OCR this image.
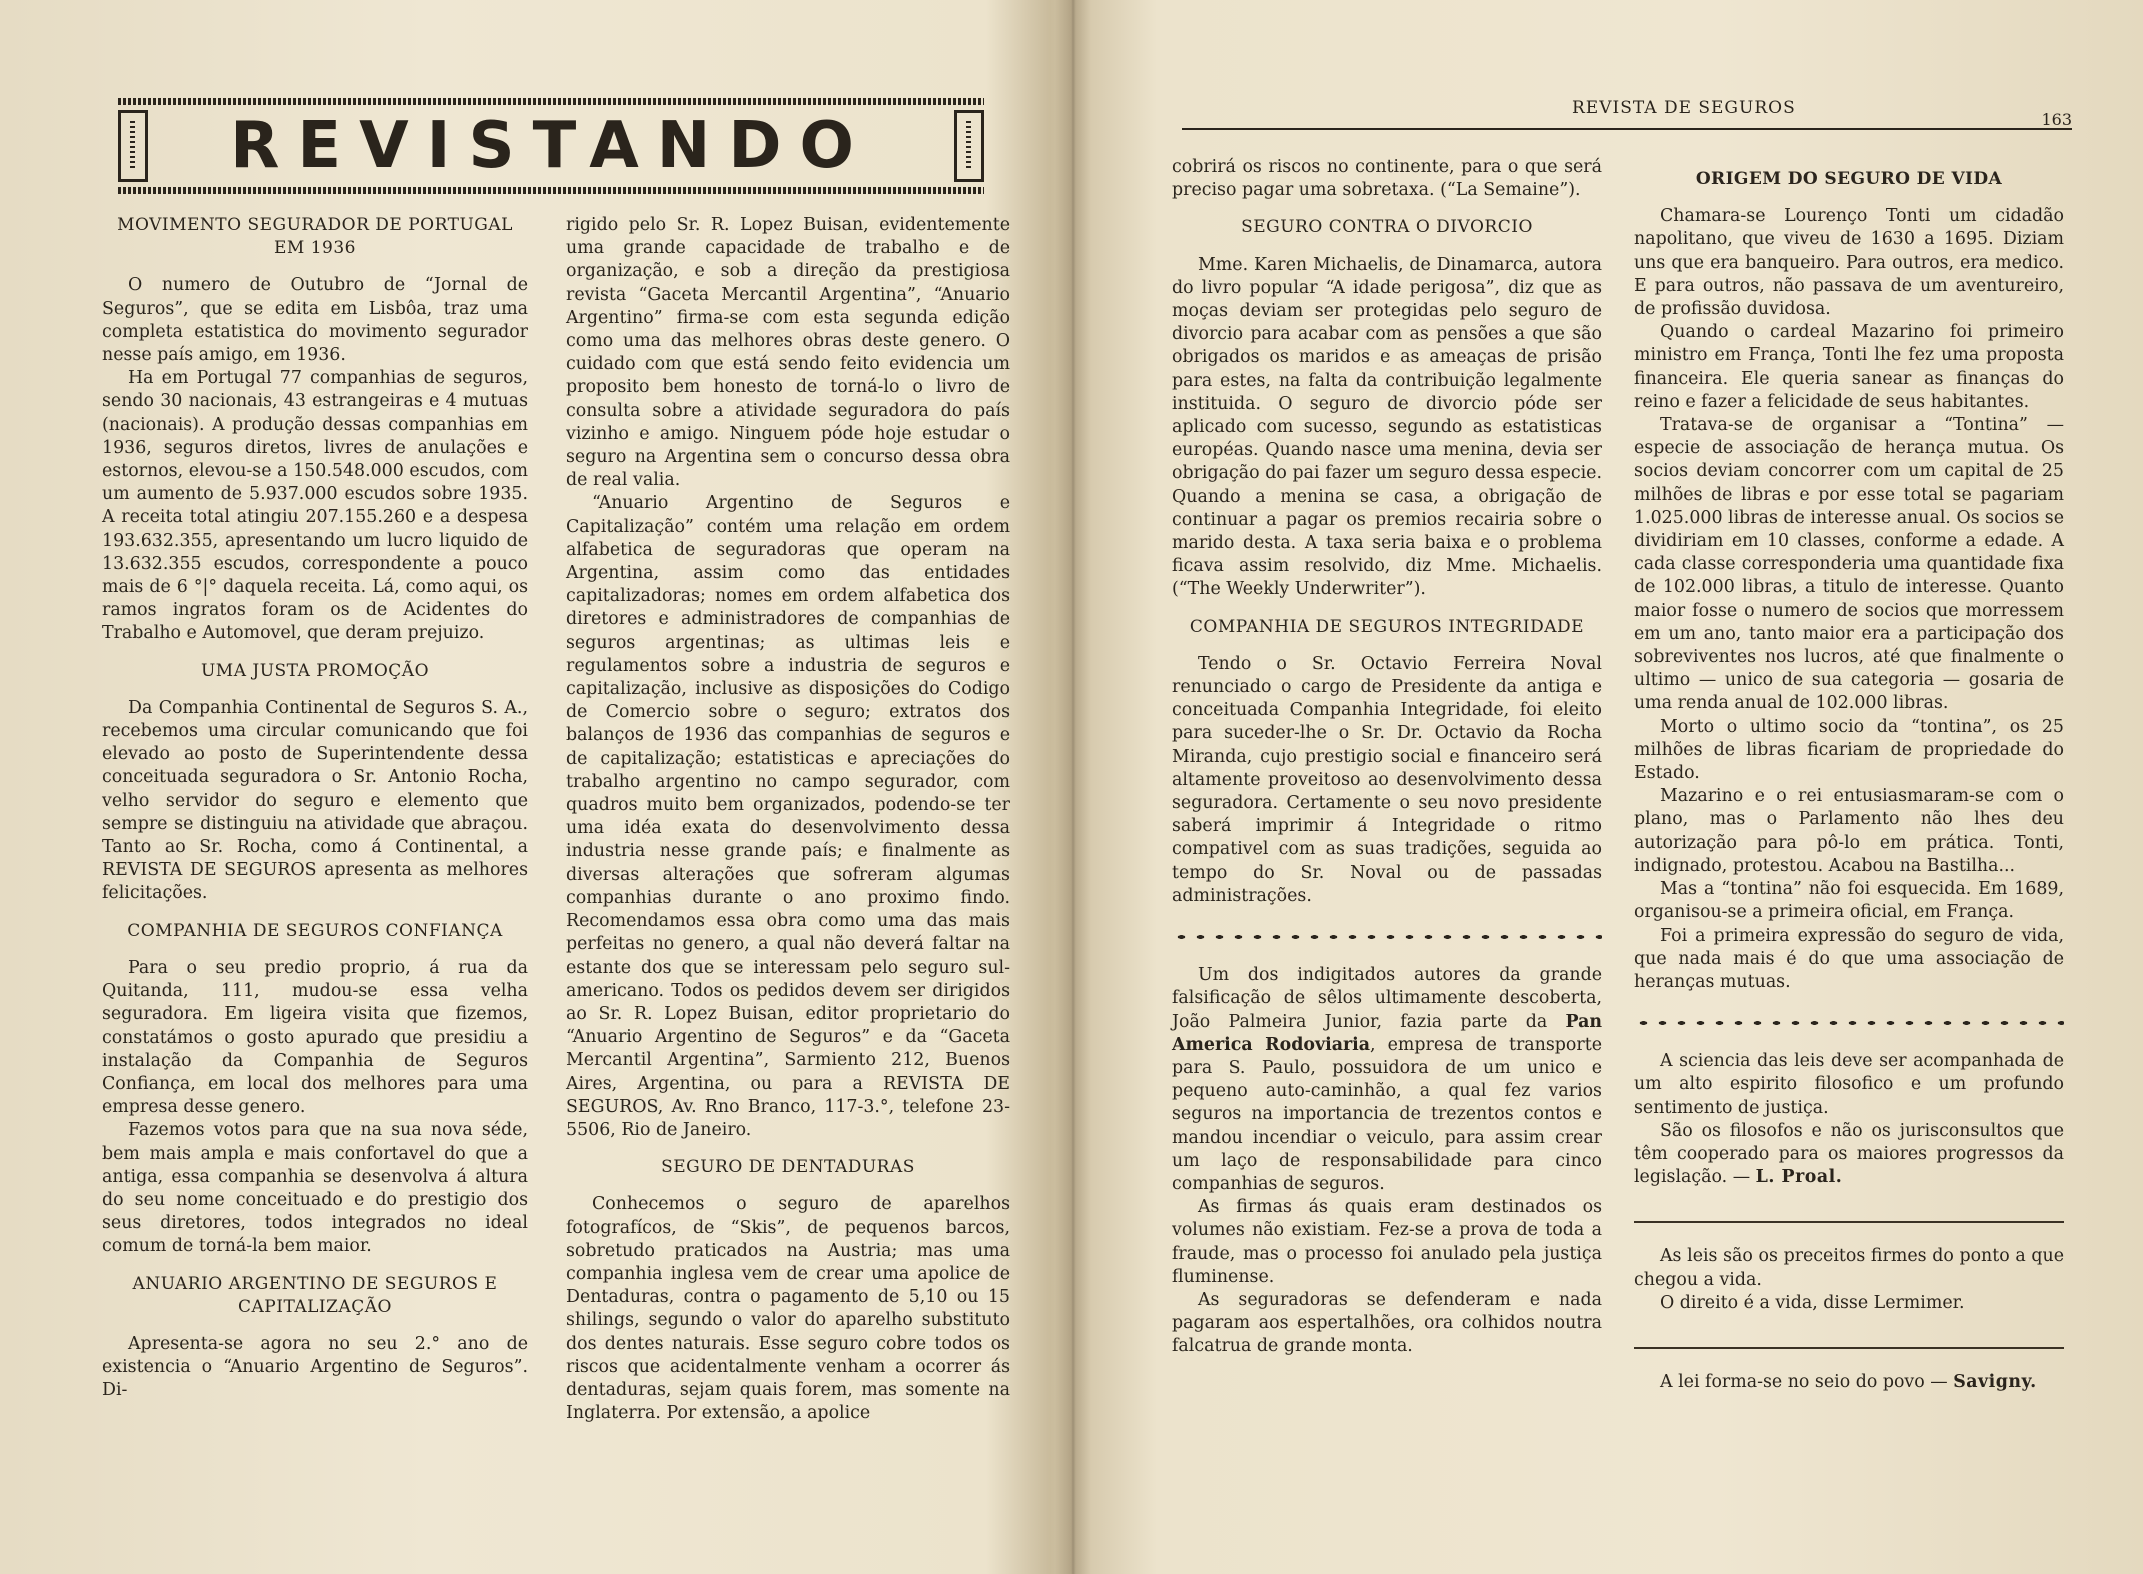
REVISTANDO
MOVIMENTO SEGURADOR DE PORTUGAL EM 1936

O numero de Outubro de “Jornal de Seguros”, que se edita em Lisbôa, traz uma completa estatistica do movimento segurador nesse país amigo, em 1936.

Ha em Portugal 77 companhias de seguros, sendo 30 nacionais, 43 estrangeiras e 4 mutuas (nacionais). A produção dessas companhias em 1936, seguros diretos, livres de anulações e estornos, elevou-se a 150.548.000 escudos, com um aumento de 5.937.000 escudos sobre 1935. A receita total atingiu 207.155.260 e a despesa 193.632.355, apresentando um lucro liquido de 13.632.355 escudos, correspondente a pouco mais de 6 °|° daquela receita. Lá, como aqui, os ramos ingratos foram os de Acidentes do Trabalho e Automovel, que deram prejuizo.

UMA JUSTA PROMOÇÃO

Da Companhia Continental de Seguros S. A., recebemos uma circular comunicando que foi elevado ao posto de Superintendente dessa conceituada seguradora o Sr. Antonio Rocha, velho servidor do seguro e elemento que sempre se distinguiu na atividade que abraçou. Tanto ao Sr. Rocha, como á Continental, a REVISTA DE SEGUROS apresenta as melhores felicitações.

COMPANHIA DE SEGUROS CONFIANÇA

Para o seu predio proprio, á rua da Quitanda, 111, mudou-se essa velha seguradora. Em ligeira visita que fizemos, constatámos o gosto apurado que presidiu a instalação da Companhia de Seguros Confiança, em local dos melhores para uma empresa desse genero.

Fazemos votos para que na sua nova séde, bem mais ampla e mais confortavel do que a antiga, essa companhia se desenvolva á altura do seu nome conceituado e do prestigio dos seus diretores, todos integrados no ideal comum de torná-la bem maior.

ANUARIO ARGENTINO DE SEGUROS E CAPITALIZAÇÃO

Apresenta-se agora no seu 2.° ano de existencia o “Anuario Argentino de Seguros”. Di-

rigido pelo Sr. R. Lopez Buisan, evidentemente uma grande capacidade de trabalho e de organização, e sob a direção da prestigiosa revista “Gaceta Mercantil Argentina”, “Anuario Argentino” firma-se com esta segunda edição como uma das melhores obras deste genero. O cuidado com que está sendo feito evidencia um proposito bem honesto de torná-lo o livro de consulta sobre a atividade seguradora do país vizinho e amigo. Ninguem póde hoje estudar o seguro na Argentina sem o concurso dessa obra de real valia.

“Anuario Argentino de Seguros e Capitalização” contém uma relação em ordem alfabetica de seguradoras que operam na Argentina, assim como das entidades capitalizadoras; nomes em ordem alfabetica dos diretores e administradores de companhias de seguros argentinas; as ultimas leis e regulamentos sobre a industria de seguros e capitalização, inclusive as disposições do Codigo de Comercio sobre o seguro; extratos dos balanços de 1936 das companhias de seguros e de capitalização; estatisticas e apreciações do trabalho argentino no campo segurador, com quadros muito bem organizados, podendo-se ter uma idéa exata do desenvolvimento dessa industria nesse grande país; e finalmente as diversas alterações que sofreram algumas companhias durante o ano proximo findo. Recomendamos essa obra como uma das mais perfeitas no genero, a qual não deverá faltar na estante dos que se interessam pelo seguro sul-americano. Todos os pedidos devem ser dirigidos ao Sr. R. Lopez Buisan, editor proprietario do “Anuario Argentino de Seguros” e da “Gaceta Mercantil Argentina”, Sarmiento 212, Buenos Aires, Argentina, ou para a REVISTA DE SEGUROS, Av. Rno Branco, 117-3.°, telefone 23-5506, Rio de Janeiro.

SEGURO DE DENTADURAS

Conhecemos o seguro de aparelhos fotografícos, de “Skis”, de pequenos barcos, sobretudo praticados na Austria; mas uma companhia inglesa vem de crear uma apolice de Dentaduras, contra o pagamento de 5,10 ou 15 shilings, segundo o valor do aparelho substituto dos dentes naturais. Esse seguro cobre todos os riscos que acidentalmente venham a ocorrer ás dentaduras, sejam quais forem, mas somente na Inglaterra. Por extensão, a apolice

REVISTA DE SEGUROS
163

cobrirá os riscos no continente, para o que será preciso pagar uma sobretaxa. (“La Semaine”).

SEGURO CONTRA O DIVORCIO

Mme. Karen Michaelis, de Dinamarca, autora do livro popular “A idade perigosa”, diz que as moças deviam ser protegidas pelo seguro de divorcio para acabar com as pensões a que são obrigados os maridos e as ameaças de prisão para estes, na falta da contribuição legalmente instituida. O seguro de divorcio póde ser aplicado com sucesso, segundo as estatisticas européas. Quando nasce uma menina, devia ser obrigação do pai fazer um seguro dessa especie. Quando a menina se casa, a obrigação de continuar a pagar os premios recairia sobre o marido desta. A taxa seria baixa e o problema ficava assim resolvido, diz Mme. Michaelis. (“The Weekly Underwriter”).

COMPANHIA DE SEGUROS INTEGRIDADE

Tendo o Sr. Octavio Ferreira Noval renunciado o cargo de Presidente da antiga e conceituada Companhia Integridade, foi eleito para suceder-lhe o Sr. Dr. Octavio da Rocha Miranda, cujo prestigio social e financeiro será altamente proveitoso ao desenvolvimento dessa seguradora. Certamente o seu novo presidente saberá imprimir á Integridade o ritmo compativel com as suas tradições, seguida ao tempo do Sr. Noval ou de passadas administrações.

Um dos indigitados autores da grande falsificação de sêlos ultimamente descoberta, João Palmeira Junior, fazia parte da Pan America Rodoviaria, empresa de transporte para S. Paulo, possuidora de um unico e pequeno auto-caminhão, a qual fez varios seguros na importancia de trezentos contos e mandou incendiar o veiculo, para assim crear um laço de responsabilidade para cinco companhias de seguros.

As firmas ás quais eram destinados os volumes não existiam. Fez-se a prova de toda a fraude, mas o processo foi anulado pela justiça fluminense.

As seguradoras se defenderam e nada pagaram aos espertalhões, ora colhidos noutra falcatrua de grande monta.

ORIGEM DO SEGURO DE VIDA

Chamara-se Lourenço Tonti um cidadão napolitano, que viveu de 1630 a 1695. Diziam uns que era banqueiro. Para outros, era medico. E para outros, não passava de um aventureiro, de profissão duvidosa.

Quando o cardeal Mazarino foi primeiro ministro em França, Tonti lhe fez uma proposta financeira. Ele queria sanear as finanças do reino e fazer a felicidade de seus habitantes.

Tratava-se de organisar a “Tontina” — especie de associação de herança mutua. Os socios deviam concorrer com um capital de 25 milhões de libras e por esse total se pagariam 1.025.000 libras de interesse anual. Os socios se dividiriam em 10 classes, conforme a edade. A cada classe corresponderia uma quantidade fixa de 102.000 libras, a titulo de interesse. Quanto maior fosse o numero de socios que morressem em um ano, tanto maior era a participação dos sobreviventes nos lucros, até que finalmente o ultimo — unico de sua categoria — gosaria de uma renda anual de 102.000 libras.

Morto o ultimo socio da “tontina”, os 25 milhões de libras ficariam de propriedade do Estado.

Mazarino e o rei entusiasmaram-se com o plano, mas o Parlamento não lhes deu autorização para pô-lo em prática. Tonti, indignado, protestou. Acabou na Bastilha...

Mas a “tontina” não foi esquecida. Em 1689, organisou-se a primeira oficial, em França.

Foi a primeira expressão do seguro de vida, que nada mais é do que uma associação de heranças mutuas.

A sciencia das leis deve ser acompanhada de um alto espirito filosofico e um profundo sentimento de justiça.

São os filosofos e não os jurisconsultos que têm cooperado para os maiores progressos da legislação. — L. Proal.

As leis são os preceitos firmes do ponto a que chegou a vida.

O direito é a vida, disse Lermimer.

A lei forma-se no seio do povo — Savigny.
